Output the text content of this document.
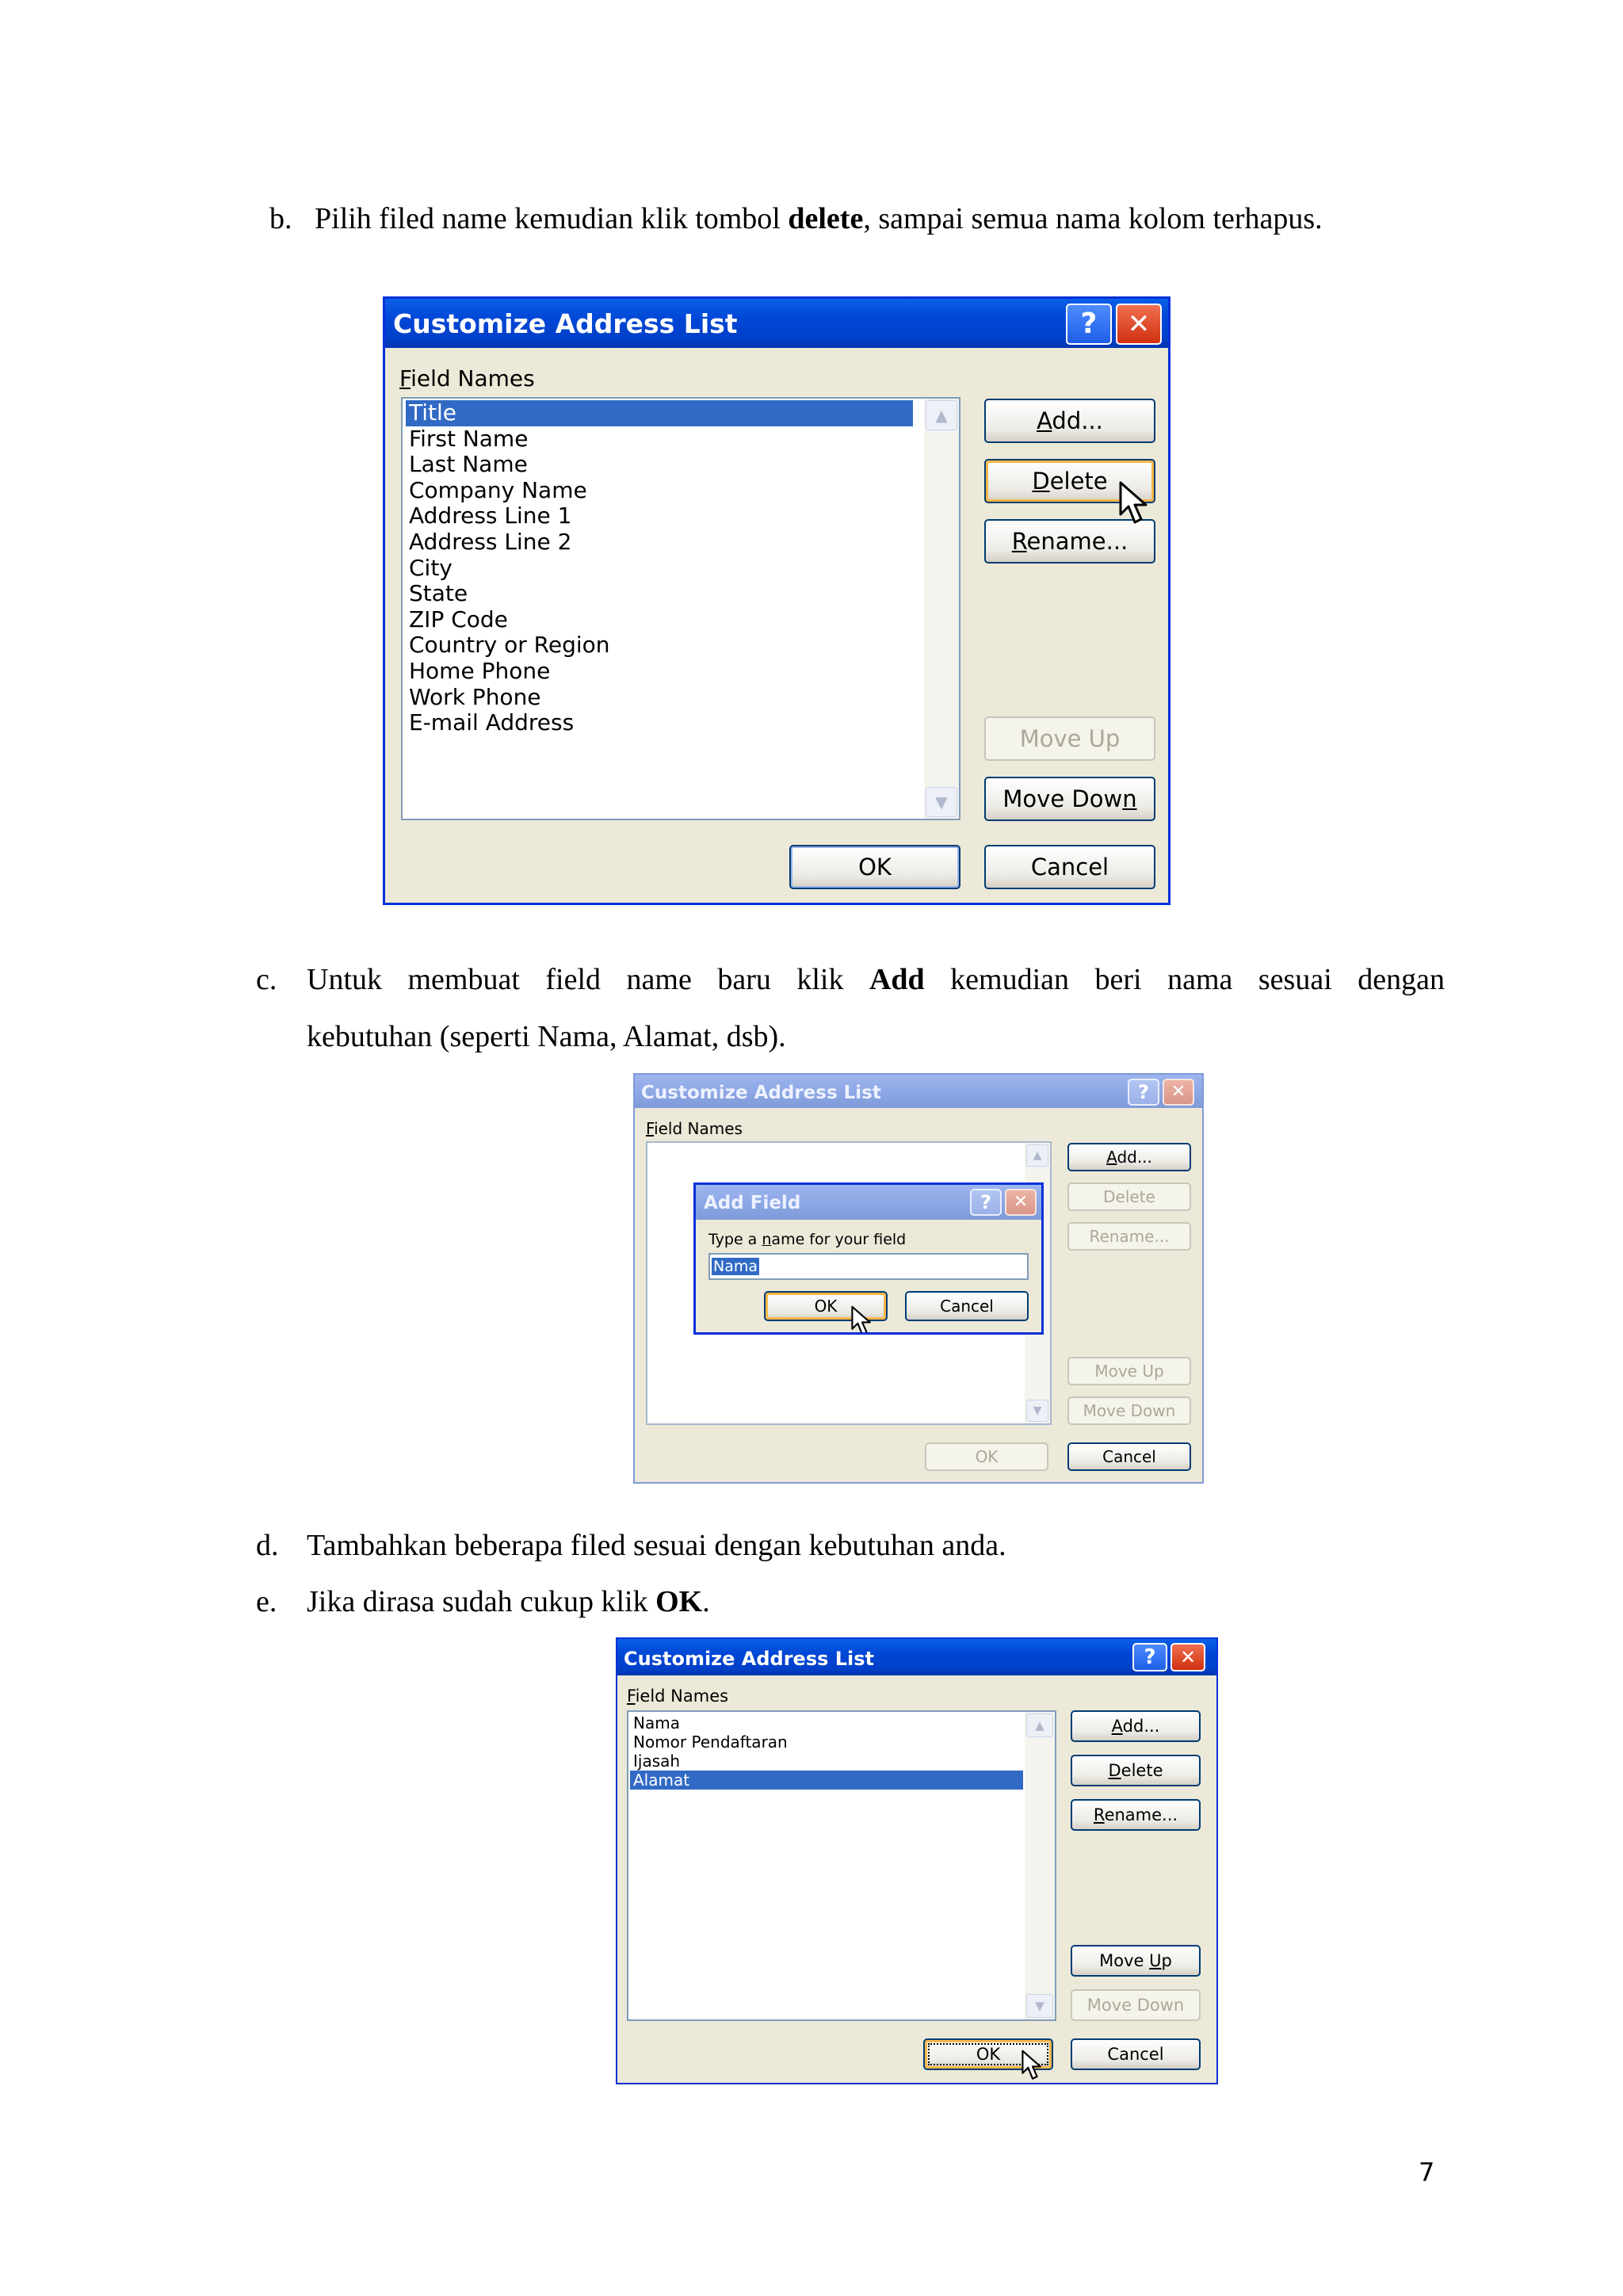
b. Pilih filed name kemudian klik tombol delete, sampai semua nama kolom terhapus.
Customize Address List	?	✕
Field Names
Title
First Name
Last Name
Company Name
Address Line 1
Address Line 2
City
State
ZIP Code
Country or Region
Home Phone
Work Phone
E-mail Address
▲
▼
Add...
Delete
Rename...
Move Up
Move Down
OK	Cancel
c. Untuk membuat field name baru klik Add kemudian beri nama sesuai dengan
kebutuhan (seperti Nama, Alamat, dsb).
Customize Address List	?	✕
Field Names
▲
▼
Add...
Delete
Rename...
Move Up
Move Down
OK	Cancel
Add Field	?	✕
Type a name for your field
Nama
OK	Cancel
d. Tambahkan beberapa filed sesuai dengan kebutuhan anda.
e. Jika dirasa sudah cukup klik OK.
Customize Address List	?	✕
Field Names
Nama
Nomor Pendaftaran
Ijasah
Alamat
▲
▼
Add...
Delete
Rename...
Move Up
Move Down
OK	Cancel
7
